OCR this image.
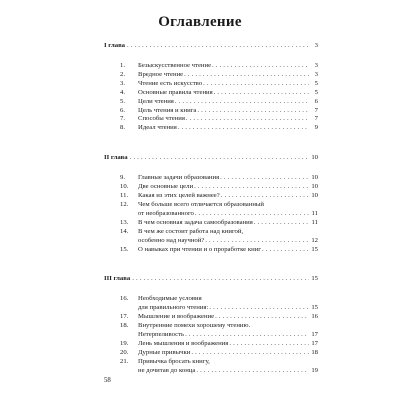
Оглавление
I глава . . .	3
1. Безыскусственное чтение . . .	3
2. Вредное чтение . . .	3
3. Чтение есть искусство . . .	5
4. Основные правила чтения . . .	5
5. Цели чтения . . .	6
6. Цель чтения и книга . . .	7
7. Способы чтения . . .	7
8. Идеал чтения . . .	9
II глава . . .	10
9. Главные задачи образования . . .	10
10. Две основные цели . . .	10
11. Какая из этих целей важнее? . . .	10
12. Чем больше всего отличается образованный
от необразованного . . .	11
13. В чем основная задача самообразования . . .	11
14. В чем же состоит работа над книгой,
особенно над научной? . . .	12
15. О навыках при чтении и о проработке книг . . .	15
III глава . . .	15
16. Необходимые условия
для правильного чтения: . . .	15
17. Мышление и воображение . . .	16
18. Внутренние помехи хорошему чтению.
Нетерпеливость . . .	17
19. Лень мышления и воображения . . .	17
20. Дурные привычки . . .	18
21. Привычка бросать книгу,
не дочитав до конца . . .	19
58
